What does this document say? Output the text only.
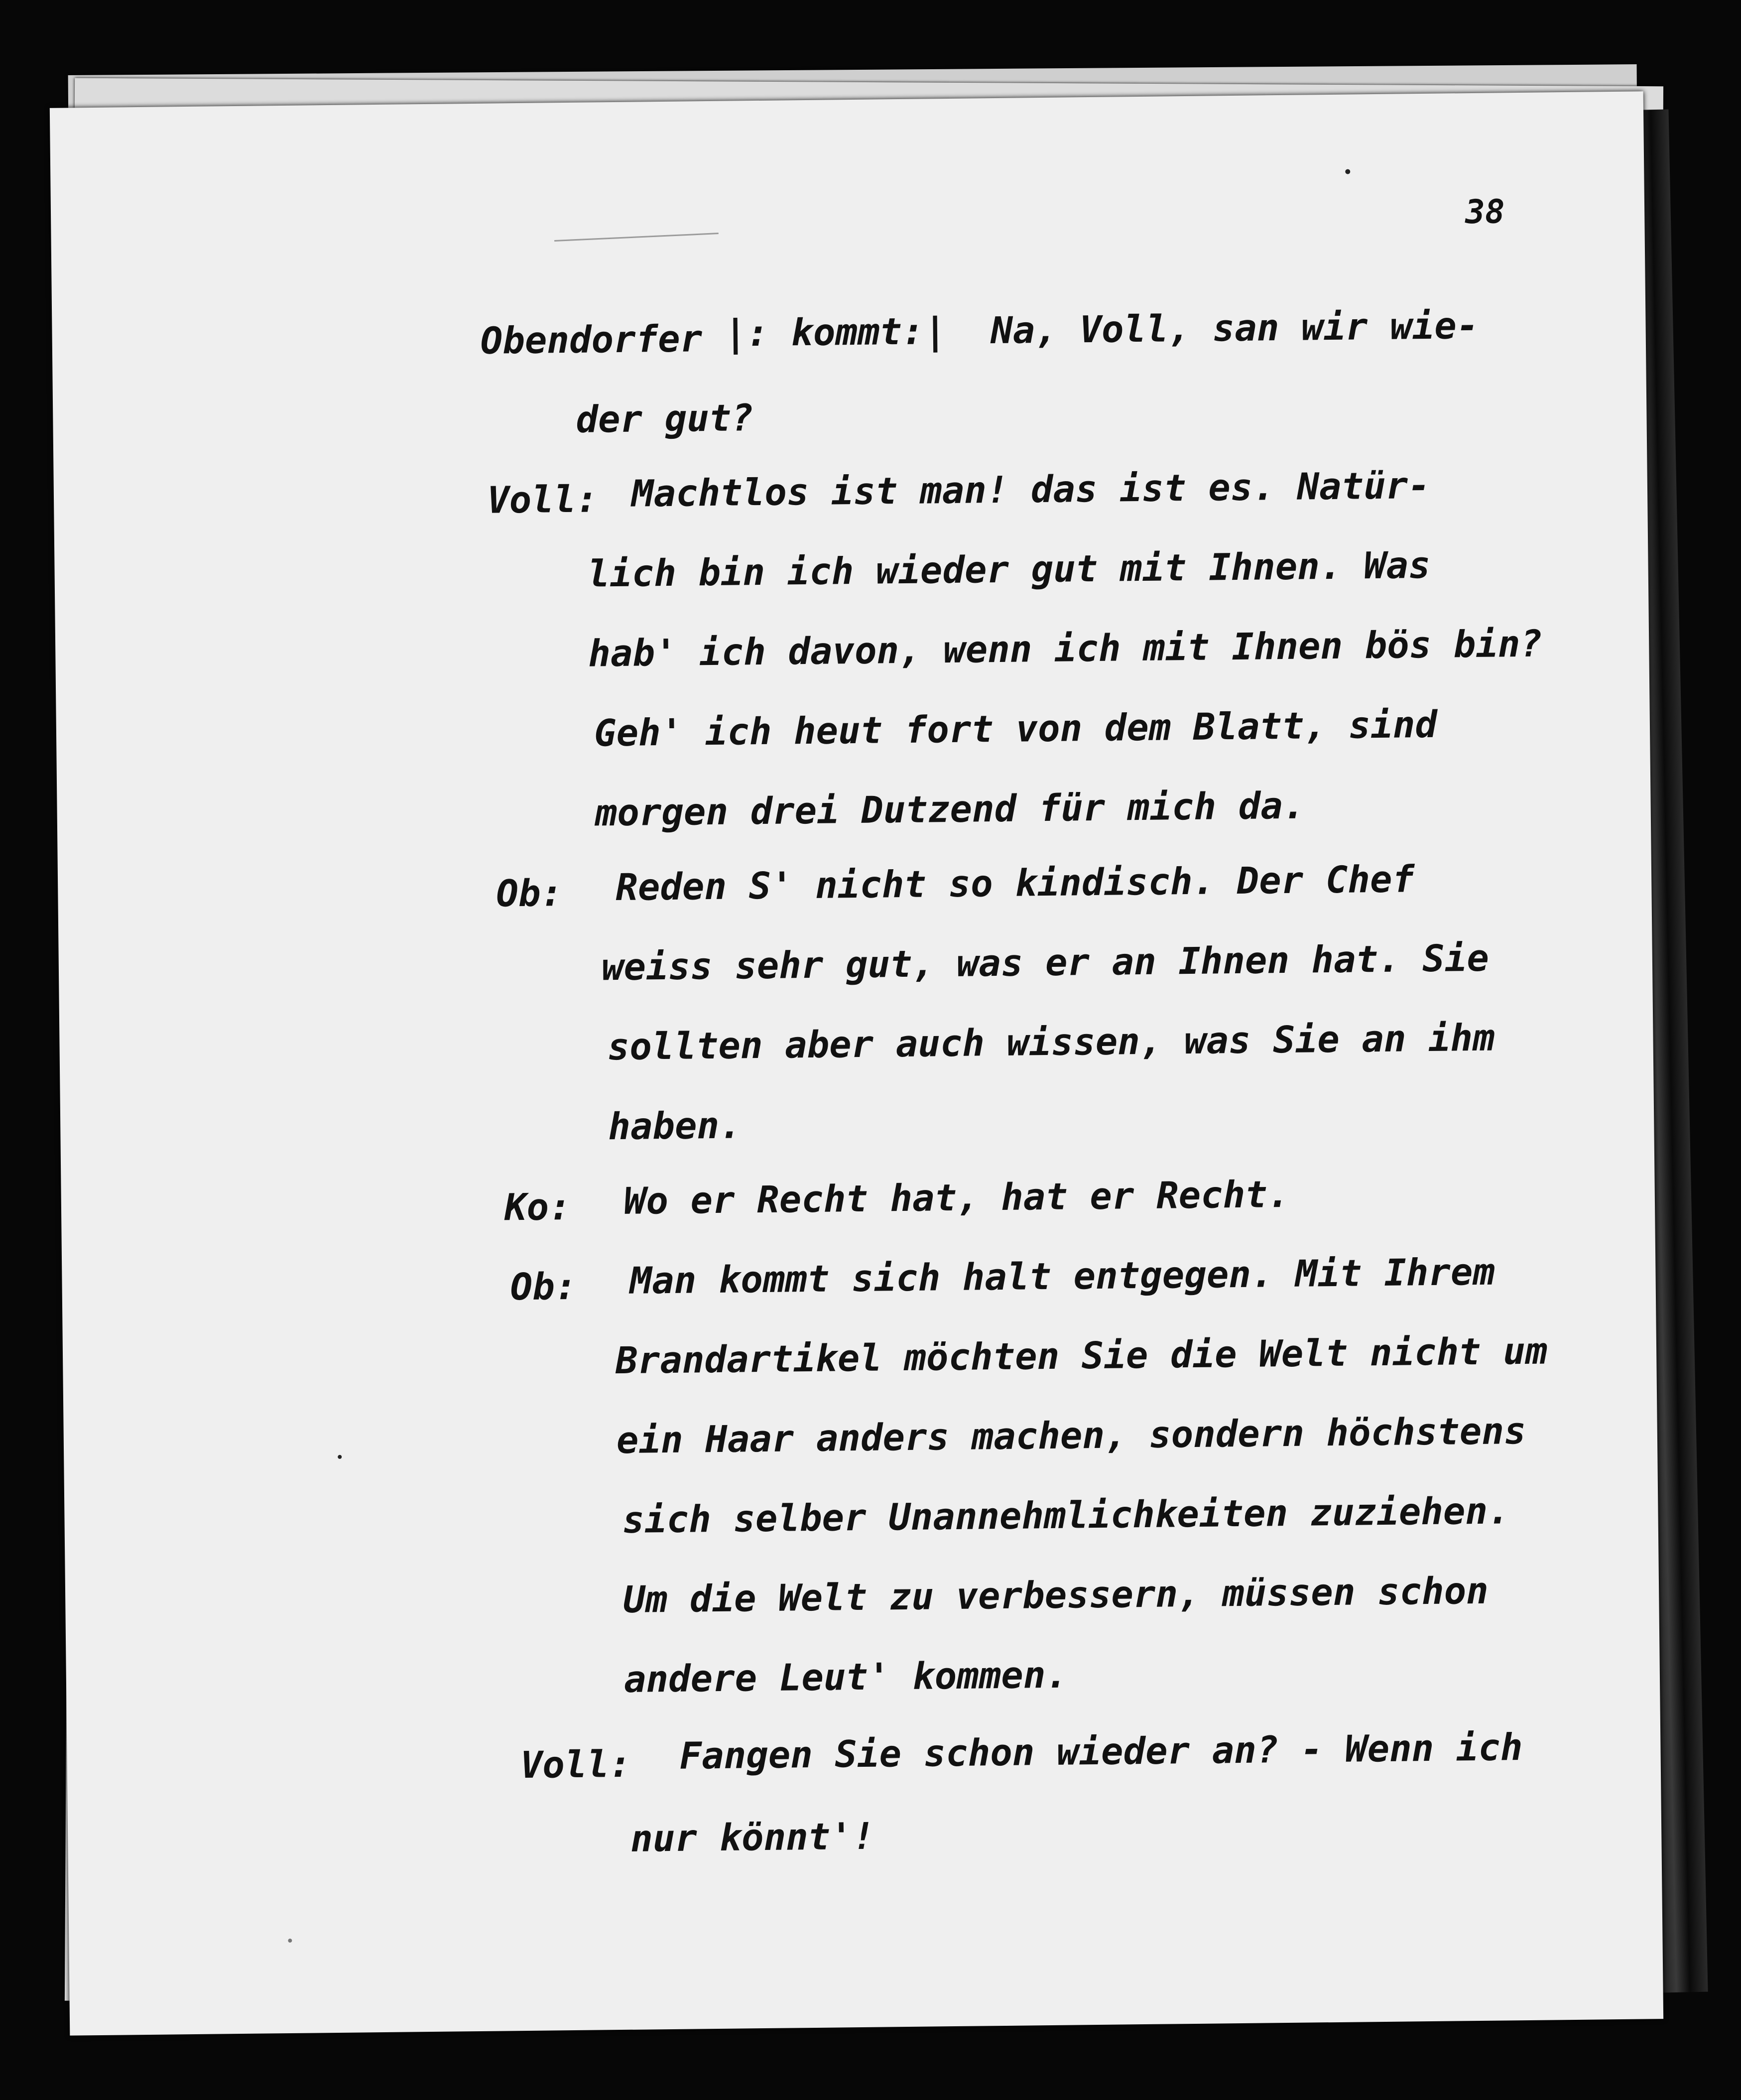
38
Obendorfer |: kommt:|  Na, Voll, san wir wie-
der gut?
Voll: Machtlos ist man! das ist es. Natür-
lich bin ich wieder gut mit Ihnen. Was
hab' ich davon, wenn ich mit Ihnen bös bin?
Geh' ich heut fort von dem Blatt, sind
morgen drei Dutzend für mich da.
Ob: Reden S' nicht so kindisch. Der Chef
weiss sehr gut, was er an Ihnen hat. Sie
sollten aber auch wissen, was Sie an ihm
haben.
Ko: Wo er Recht hat, hat er Recht.
Ob: Man kommt sich halt entgegen. Mit Ihrem
Brandartikel möchten Sie die Welt nicht um
ein Haar anders machen, sondern höchstens
sich selber Unannehmlichkeiten zuziehen.
Um die Welt zu verbessern, müssen schon
andere Leut' kommen.
Voll: Fangen Sie schon wieder an? - Wenn ich
nur könnt'!
